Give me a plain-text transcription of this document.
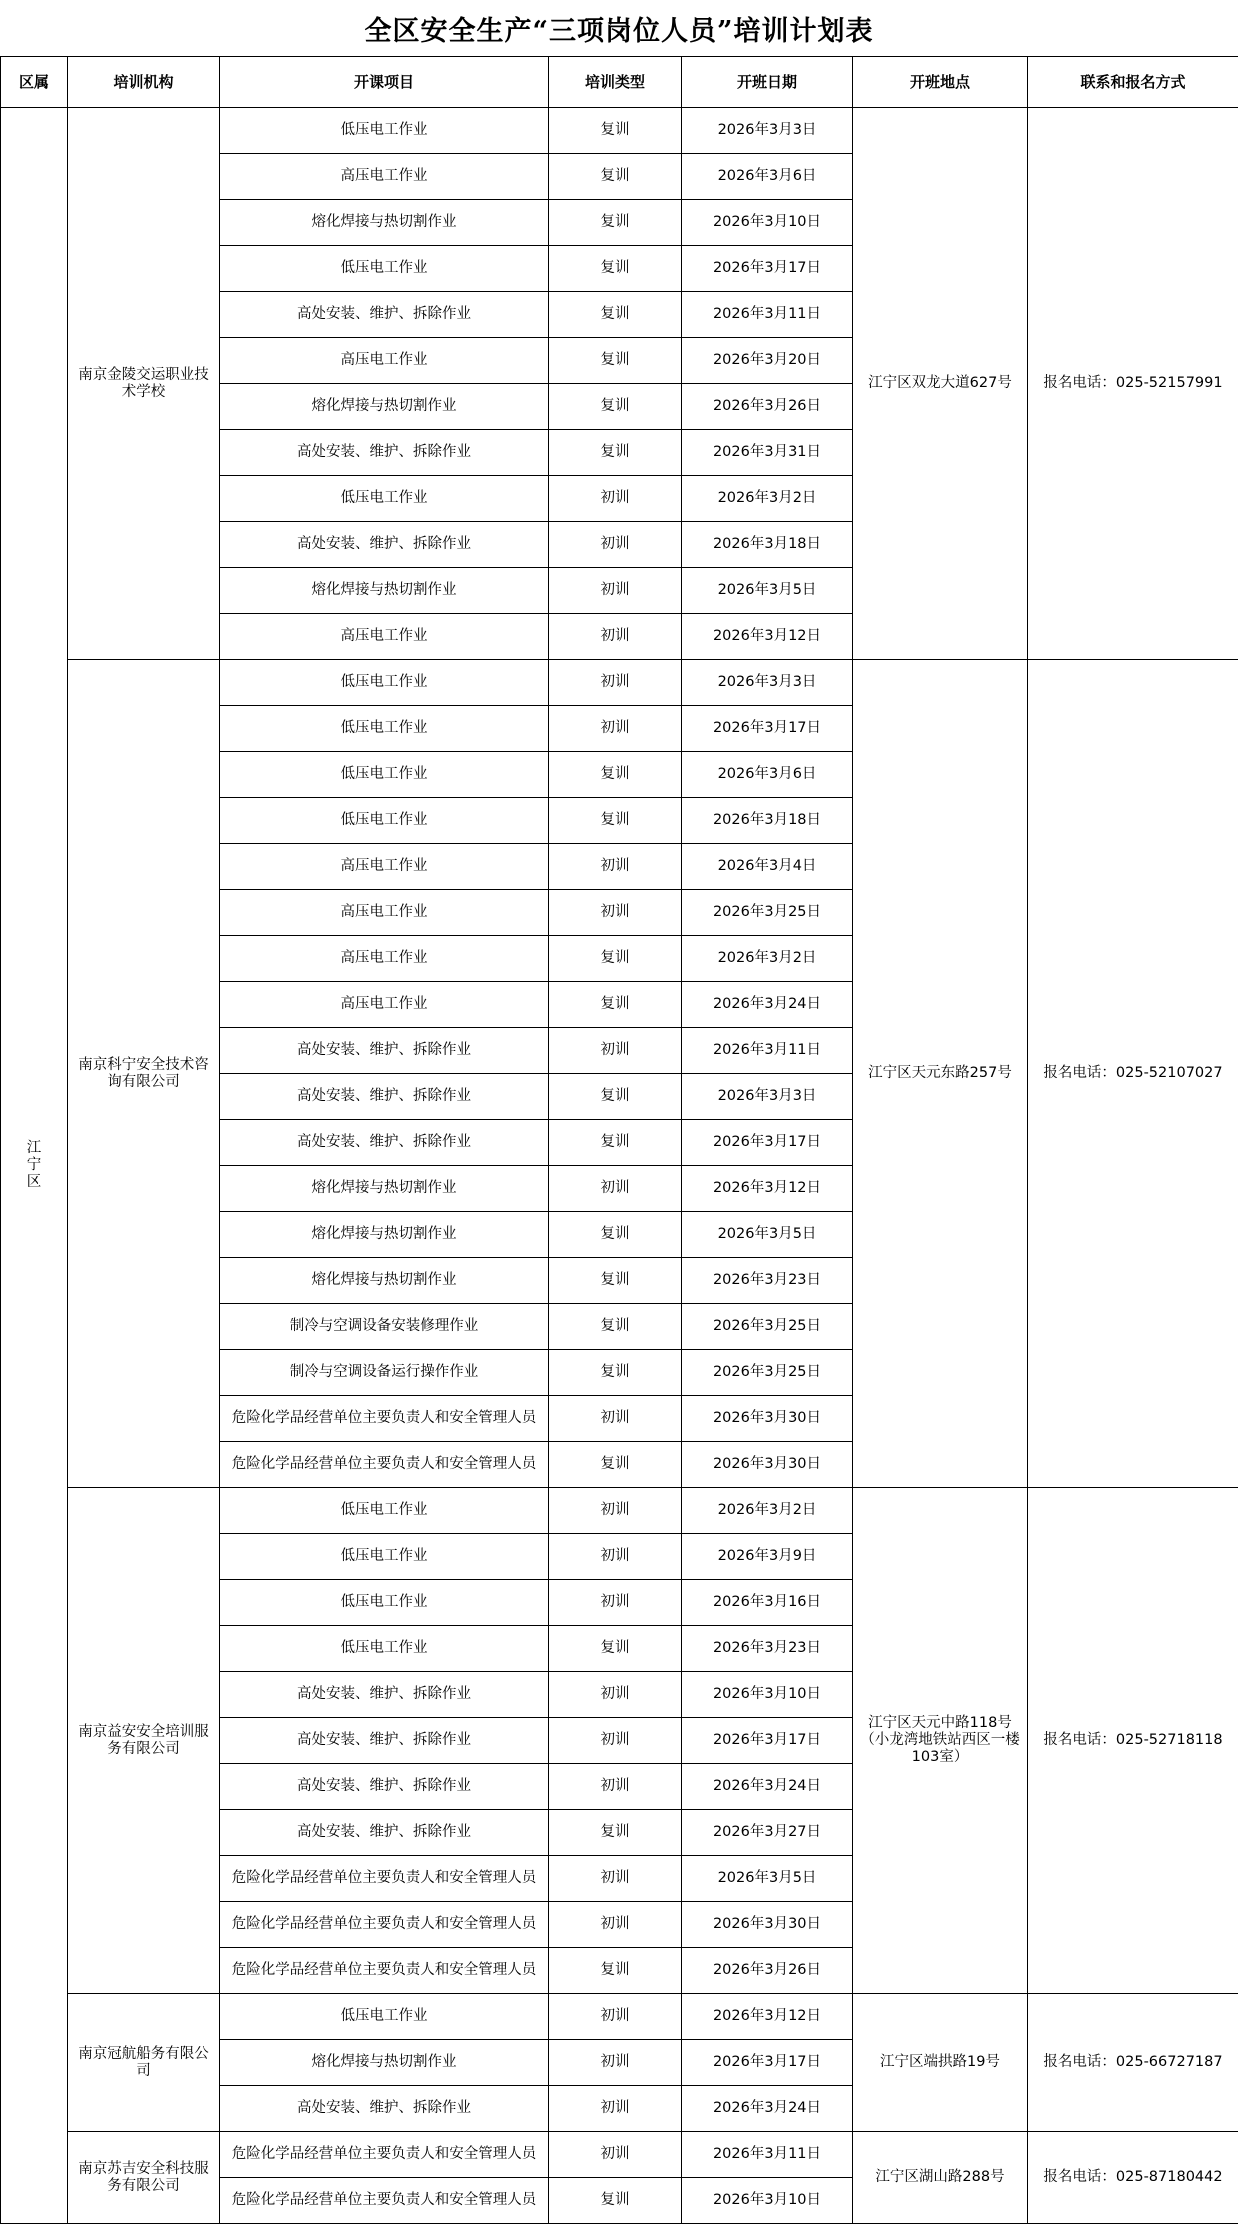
全区安全生产“三项岗位人员”培训计划表
区属	培训机构	开课项目	培训类型	开班日期	开班地点	联系和报名方式
江宁区	南京金陵交运职业技术学校	低压电工作业	复训	2026年3月3日	江宁区双龙大道627号	报名电话：025-52157991
		高压电工作业	复训	2026年3月6日		
		熔化焊接与热切割作业	复训	2026年3月10日		
		低压电工作业	复训	2026年3月17日		
		高处安装、维护、拆除作业	复训	2026年3月11日		
		高压电工作业	复训	2026年3月20日		
		熔化焊接与热切割作业	复训	2026年3月26日		
		高处安装、维护、拆除作业	复训	2026年3月31日		
		低压电工作业	初训	2026年3月2日		
		高处安装、维护、拆除作业	初训	2026年3月18日		
		熔化焊接与热切割作业	初训	2026年3月5日		
		高压电工作业	初训	2026年3月12日		
	南京科宁安全技术咨询有限公司	低压电工作业	初训	2026年3月3日	江宁区天元东路257号	报名电话：025-52107027
		低压电工作业	初训	2026年3月17日		
		低压电工作业	复训	2026年3月6日		
		低压电工作业	复训	2026年3月18日		
		高压电工作业	初训	2026年3月4日		
		高压电工作业	初训	2026年3月25日		
		高压电工作业	复训	2026年3月2日		
		高压电工作业	复训	2026年3月24日		
		高处安装、维护、拆除作业	初训	2026年3月11日		
		高处安装、维护、拆除作业	复训	2026年3月3日		
		高处安装、维护、拆除作业	复训	2026年3月17日		
		熔化焊接与热切割作业	初训	2026年3月12日		
		熔化焊接与热切割作业	复训	2026年3月5日		
		熔化焊接与热切割作业	复训	2026年3月23日		
		制冷与空调设备安装修理作业	复训	2026年3月25日		
		制冷与空调设备运行操作作业	复训	2026年3月25日		
		危险化学品经营单位主要负责人和安全管理人员	初训	2026年3月30日		
		危险化学品经营单位主要负责人和安全管理人员	复训	2026年3月30日		
	南京益安安全培训服务有限公司	低压电工作业	初训	2026年3月2日	江宁区天元中路118号（小龙湾地铁站西区一楼103室）	报名电话：025-52718118
		低压电工作业	初训	2026年3月9日		
		低压电工作业	初训	2026年3月16日		
		低压电工作业	复训	2026年3月23日		
		高处安装、维护、拆除作业	初训	2026年3月10日		
		高处安装、维护、拆除作业	初训	2026年3月17日		
		高处安装、维护、拆除作业	初训	2026年3月24日		
		高处安装、维护、拆除作业	复训	2026年3月27日		
		危险化学品经营单位主要负责人和安全管理人员	初训	2026年3月5日		
		危险化学品经营单位主要负责人和安全管理人员	初训	2026年3月30日		
		危险化学品经营单位主要负责人和安全管理人员	复训	2026年3月26日		
	南京冠航船务有限公司	低压电工作业	初训	2026年3月12日	江宁区端拱路19号	报名电话：025-66727187
		熔化焊接与热切割作业	初训	2026年3月17日		
		高处安装、维护、拆除作业	初训	2026年3月24日		
	南京苏吉安全科技服务有限公司	危险化学品经营单位主要负责人和安全管理人员	初训	2026年3月11日	江宁区湖山路288号	报名电话：025-87180442
		危险化学品经营单位主要负责人和安全管理人员	复训	2026年3月10日		
